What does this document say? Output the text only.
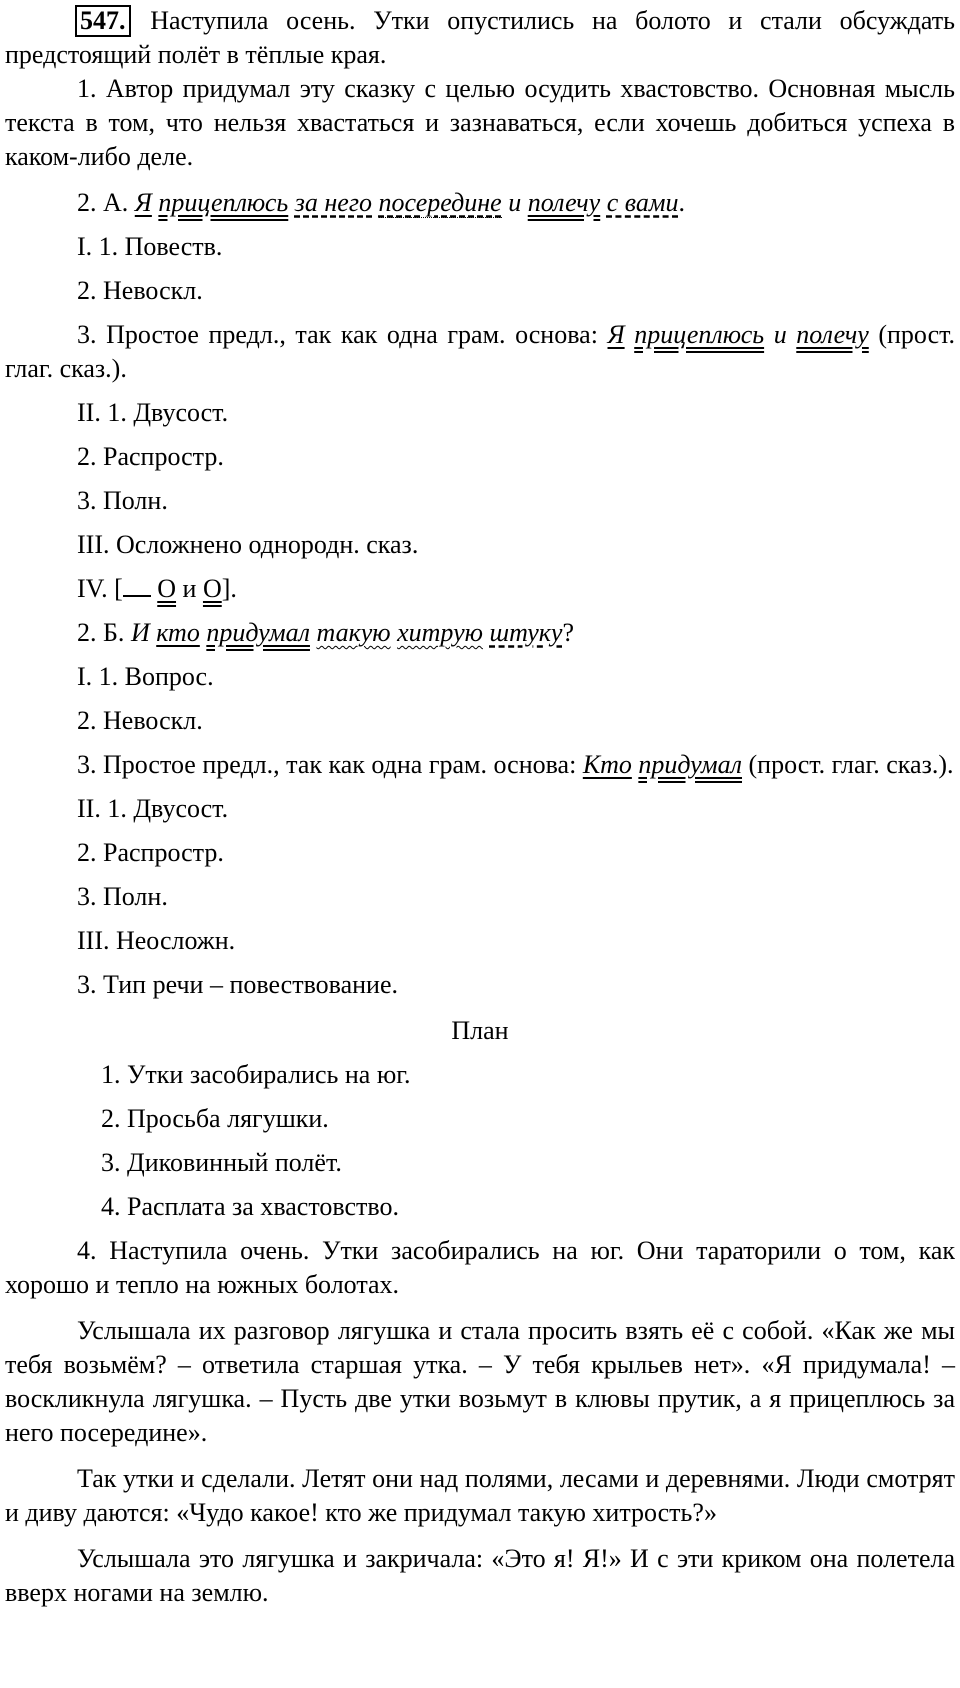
547. Наступила осень. Утки опустились на болото и стали обсуждать предстоящий полёт в тёплые края.

1. Автор придумал эту сказку с целью осудить хвастовство. Основная мысль текста в том, что нельзя хвастаться и зазнаваться, если хочешь добиться успеха в каком-либо деле.

2. А. Я прицеплюсь за него посередине и полечу с вами.

I. 1. Повеств.

2. Невоскл.

3. Простое предл., так как одна грам. основа: Я прицеплюсь и полечу (прост. глаг. сказ.).

II. 1. Двусост.

2. Распростр.

3. Полн.

III. Осложнено однородн. сказ.

IV. [ О и О].

2. Б. И кто придумал такую хитрую штуку?

I. 1. Вопрос.

2. Невоскл.

3. Простое предл., так как одна грам. основа: Кто придумал (прост. глаг. сказ.).

II. 1. Двусост.

2. Распростр.

3. Полн.

III. Неосложн.

3. Тип речи – повествование.

План

1. Утки засобирались на юг.

2. Просьба лягушки.

3. Диковинный полёт.

4. Расплата за хвастовство.

4. Наступила очень. Утки засобирались на юг. Они тараторили о том, как хорошо и тепло на южных болотах.

Услышала их разговор лягушка и стала просить взять её с собой. «Как же мы тебя возьмём? – ответила старшая утка. – У тебя крыльев нет». «Я придумала! – воскликнула лягушка. – Пусть две утки возьмут в клювы прутик, а я прицеплюсь за него посередине».

Так утки и сделали. Летят они над полями, лесами и деревнями. Люди смотрят и диву даются: «Чудо какое! кто же придумал такую хитрость?»

Услышала это лягушка и закричала: «Это я! Я!» И с эти криком она полетела вверх ногами на землю.
